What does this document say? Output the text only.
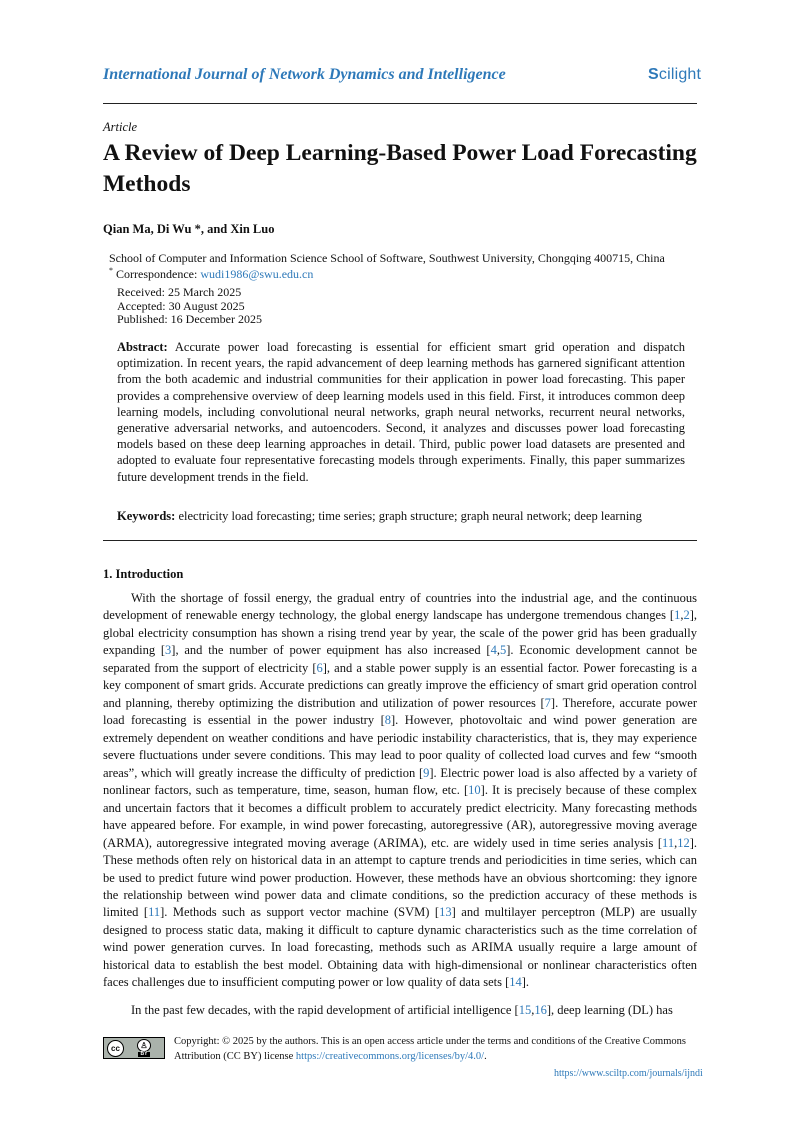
International Journal of Network Dynamics and Intelligence	Scilight
Article
A Review of Deep Learning-Based Power Load Forecasting Methods
Qian Ma, Di Wu *, and Xin Luo
School of Computer and Information Science School of Software, Southwest University, Chongqing 400715, China
* Correspondence: wudi1986@swu.edu.cn
Received: 25 March 2025
Accepted: 30 August 2025
Published: 16 December 2025

Abstract: Accurate power load forecasting is essential for efficient smart grid operation and dispatch optimization. In recent years, the rapid advancement of deep learning methods has garnered significant attention from the both academic and industrial communities for their application in power load forecasting. This paper provides a comprehensive overview of deep learning models used in this field. First, it introduces common deep learning models, including convolutional neural networks, graph neural networks, recurrent neural networks, generative adversarial networks, and autoencoders. Second, it analyzes and discusses power load forecasting models based on these deep learning approaches in detail. Third, public power load datasets are presented and adopted to evaluate four representative forecasting models through experiments. Finally, this paper summarizes future development trends in the field.

Keywords: electricity load forecasting; time series; graph structure; graph neural network; deep learning
1. Introduction

With the shortage of fossil energy, the gradual entry of countries into the industrial age, and the continuous development of renewable energy technology, the global energy landscape has undergone tremendous changes [1,2], global electricity consumption has shown a rising trend year by year, the scale of the power grid has been gradually expanding [3], and the number of power equipment has also increased [4,5]. Economic development cannot be separated from the support of electricity [6], and a stable power supply is an essential factor. Power forecasting is a key component of smart grids. Accurate predictions can greatly improve the efficiency of smart grid operation control and planning, thereby optimizing the distribution and utilization of power resources [7]. Therefore, accurate power load forecasting is essential in the power industry [8]. However, photovoltaic and wind power generation are extremely dependent on weather conditions and have periodic instability characteristics, that is, they may experience severe fluctuations under severe conditions. This may lead to poor quality of collected load curves and few “smooth areas”, which will greatly increase the difficulty of prediction [9]. Electric power load is also affected by a variety of nonlinear factors, such as temperature, time, season, human flow, etc. [10]. It is precisely because of these complex and uncertain factors that it becomes a difficult problem to accurately predict electricity. Many forecasting methods have appeared before. For example, in wind power forecasting, autoregressive (AR), autoregressive moving average (ARMA), autoregressive integrated moving average (ARIMA), etc. are widely used in time series analysis [11,12]. These methods often rely on historical data in an attempt to capture trends and periodicities in time series, which can be used to predict future wind power production. However, these methods have an obvious shortcoming: they ignore the relationship between wind power data and climate conditions, so the prediction accuracy of these methods is limited [11]. Methods such as support vector machine (SVM) [13] and multilayer perceptron (MLP) are usually designed to process static data, making it difficult to capture dynamic characteristics such as the time correlation of wind power generation curves. In load forecasting, methods such as ARIMA usually require a large amount of historical data to establish the best model. Obtaining data with high-dimensional or nonlinear characteristics often faces challenges due to insufficient computing power or low quality of data sets [14].

In the past few decades, with the rapid development of artificial intelligence [15,16], deep learning (DL) has

cc	♙
BY
Copyright: © 2025 by the authors. This is an open access article under the terms and conditions of the Creative Commons Attribution (CC BY) license https://creativecommons.org/licenses/by/4.0/.
https://www.sciltp.com/journals/ijndi
